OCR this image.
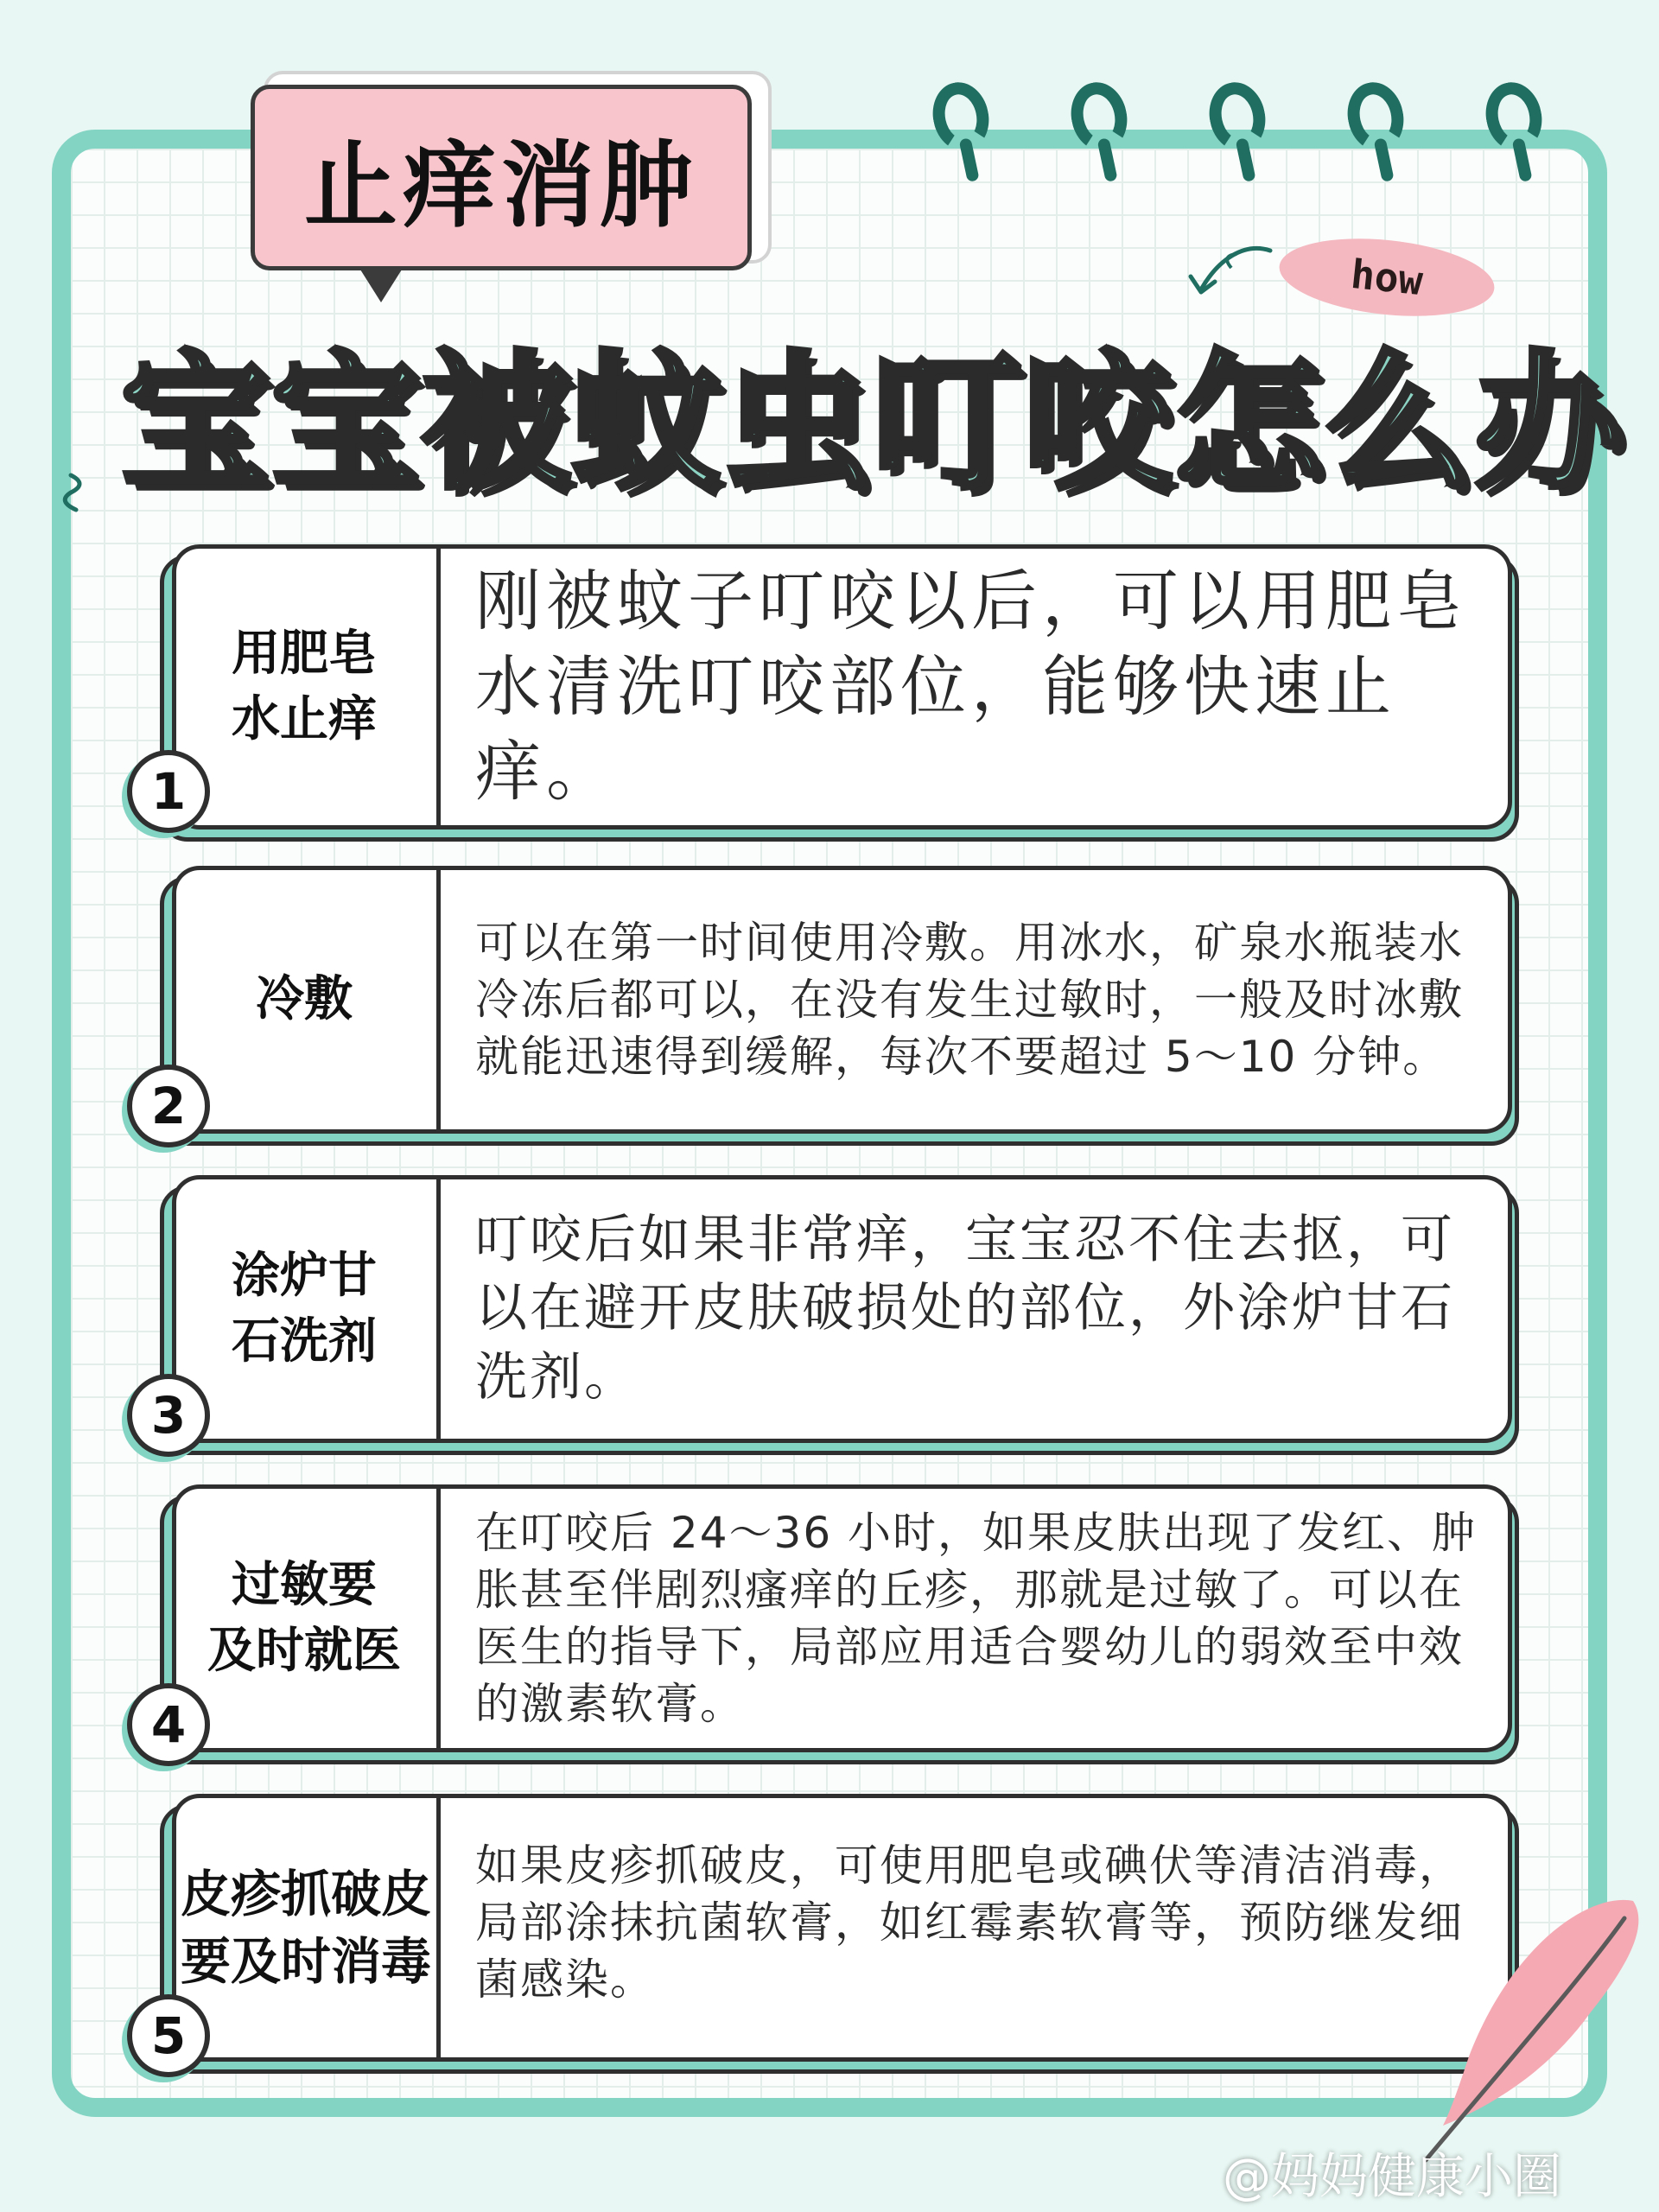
止痒消肿
how
宝宝被蚊虫叮咬怎么办
用肥皂
水止痒
刚被蚊子叮咬以后，可以用肥皂水清洗叮咬部位，能够快速止痒。
1
冷敷
可以在第一时间使用冷敷。用冰水，矿泉水瓶装水冷冻后都可以，在没有发生过敏时，一般及时冰敷就能迅速得到缓解，每次不要超过 5～10 分钟。
2
涂炉甘
石洗剂
叮咬后如果非常痒，宝宝忍不住去抠，可以在避开皮肤破损处的部位，外涂炉甘石洗剂。
3
过敏要
及时就医
在叮咬后 24～36 小时，如果皮肤出现了发红、肿胀甚至伴剧烈瘙痒的丘疹，那就是过敏了。可以在医生的指导下，局部应用适合婴幼儿的弱效至中效的激素软膏。
4
皮疹抓破皮
要及时消毒
如果皮疹抓破皮，可使用肥皂或碘伏等清洁消毒，局部涂抹抗菌软膏，如红霉素软膏等，预防继发细菌感染。
5
@妈妈健康小圈
